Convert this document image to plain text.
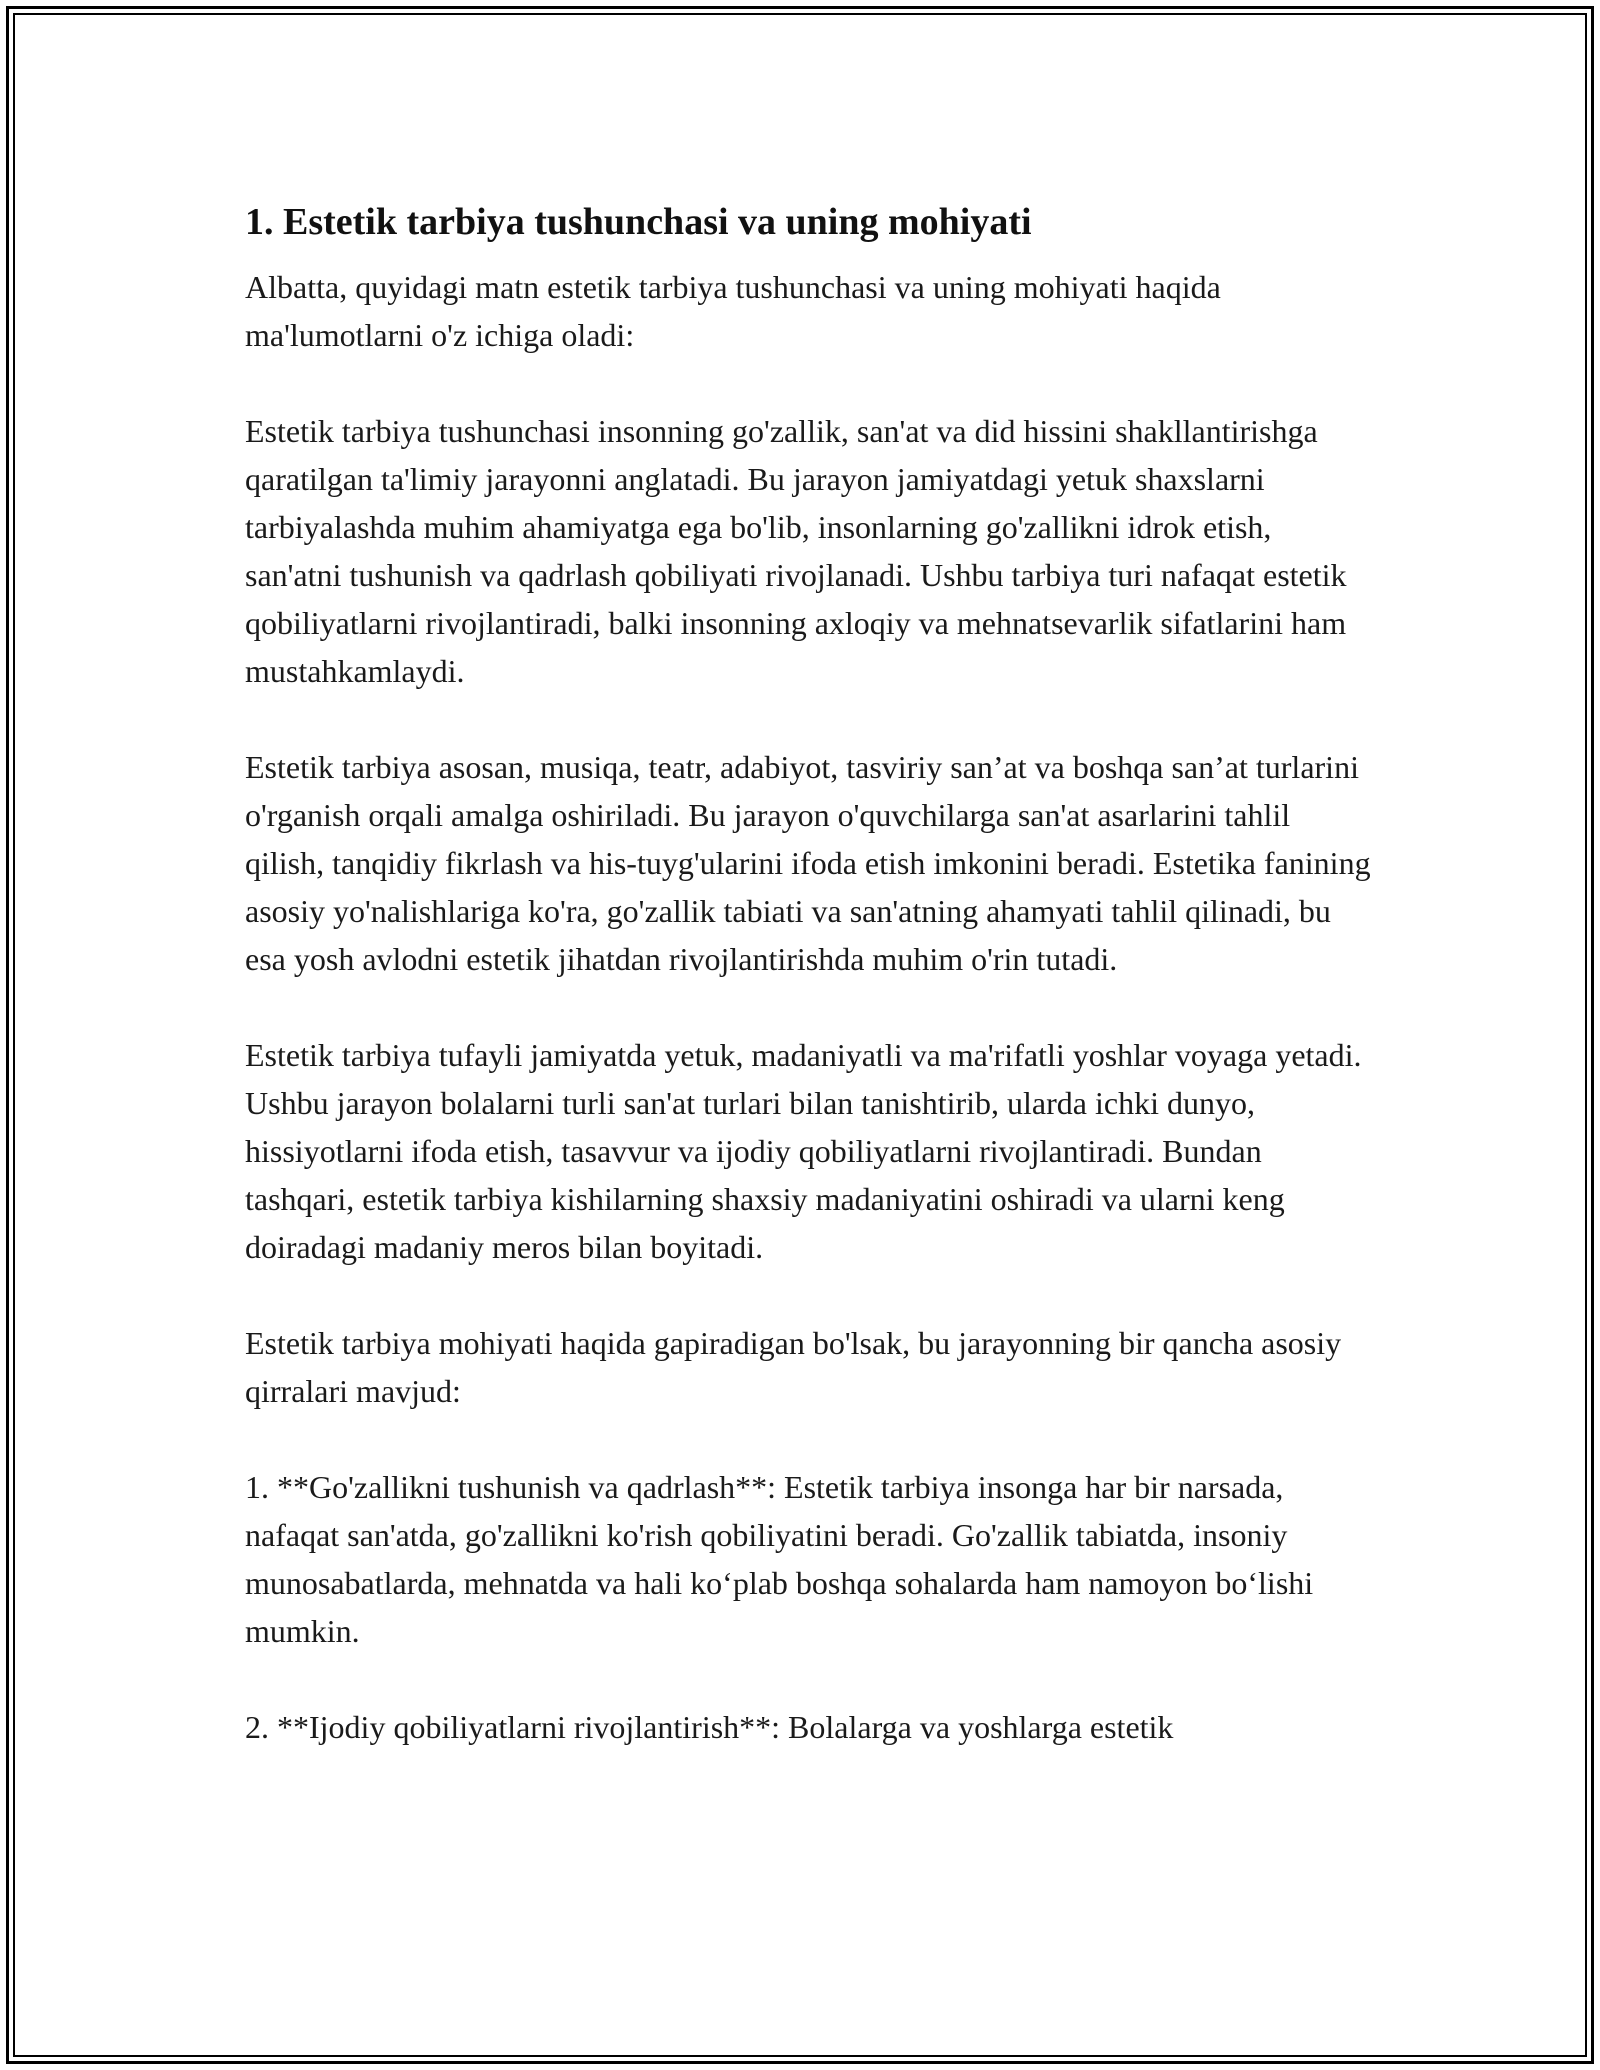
1. Estetik tarbiya tushunchasi va uning mohiyati

Albatta, quyidagi matn estetik tarbiya tushunchasi va uning mohiyati haqida ma'lumotlarni o'z ichiga oladi:

Estetik tarbiya tushunchasi insonning go'zallik, san'at va did hissini shakllantirishga qaratilgan ta'limiy jarayonni anglatadi. Bu jarayon jamiyatdagi yetuk shaxslarni tarbiyalashda muhim ahamiyatga ega bo'lib, insonlarning go'zallikni idrok etish, san'atni tushunish va qadrlash qobiliyati rivojlanadi. Ushbu tarbiya turi nafaqat estetik qobiliyatlarni rivojlantiradi, balki insonning axloqiy va mehnatsevarlik sifatlarini ham mustahkamlaydi.

Estetik tarbiya asosan, musiqa, teatr, adabiyot, tasviriy san’at va boshqa san’at turlarini o'rganish orqali amalga oshiriladi. Bu jarayon o'quvchilarga san'at asarlarini tahlil qilish, tanqidiy fikrlash va his-tuyg'ularini ifoda etish imkonini beradi. Estetika fanining asosiy yo'nalishlariga ko'ra, go'zallik tabiati va san'atning ahamyati tahlil qilinadi, bu esa yosh avlodni estetik jihatdan rivojlantirishda muhim o'rin tutadi.

Estetik tarbiya tufayli jamiyatda yetuk, madaniyatli va ma'rifatli yoshlar voyaga yetadi. Ushbu jarayon bolalarni turli san'at turlari bilan tanishtirib, ularda ichki dunyo, hissiyotlarni ifoda etish, tasavvur va ijodiy qobiliyatlarni rivojlantiradi. Bundan tashqari, estetik tarbiya kishilarning shaxsiy madaniyatini oshiradi va ularni keng doiradagi madaniy meros bilan boyitadi.

Estetik tarbiya mohiyati haqida gapiradigan bo'lsak, bu jarayonning bir qancha asosiy qirralari mavjud:

1. **Go'zallikni tushunish va qadrlash**: Estetik tarbiya insonga har bir narsada, nafaqat san'atda, go'zallikni ko'rish qobiliyatini beradi. Go'zallik tabiatda, insoniy munosabatlarda, mehnatda va hali ko‘plab boshqa sohalarda ham namoyon bo‘lishi mumkin.

2. **Ijodiy qobiliyatlarni rivojlantirish**: Bolalarga va yoshlarga estetik
